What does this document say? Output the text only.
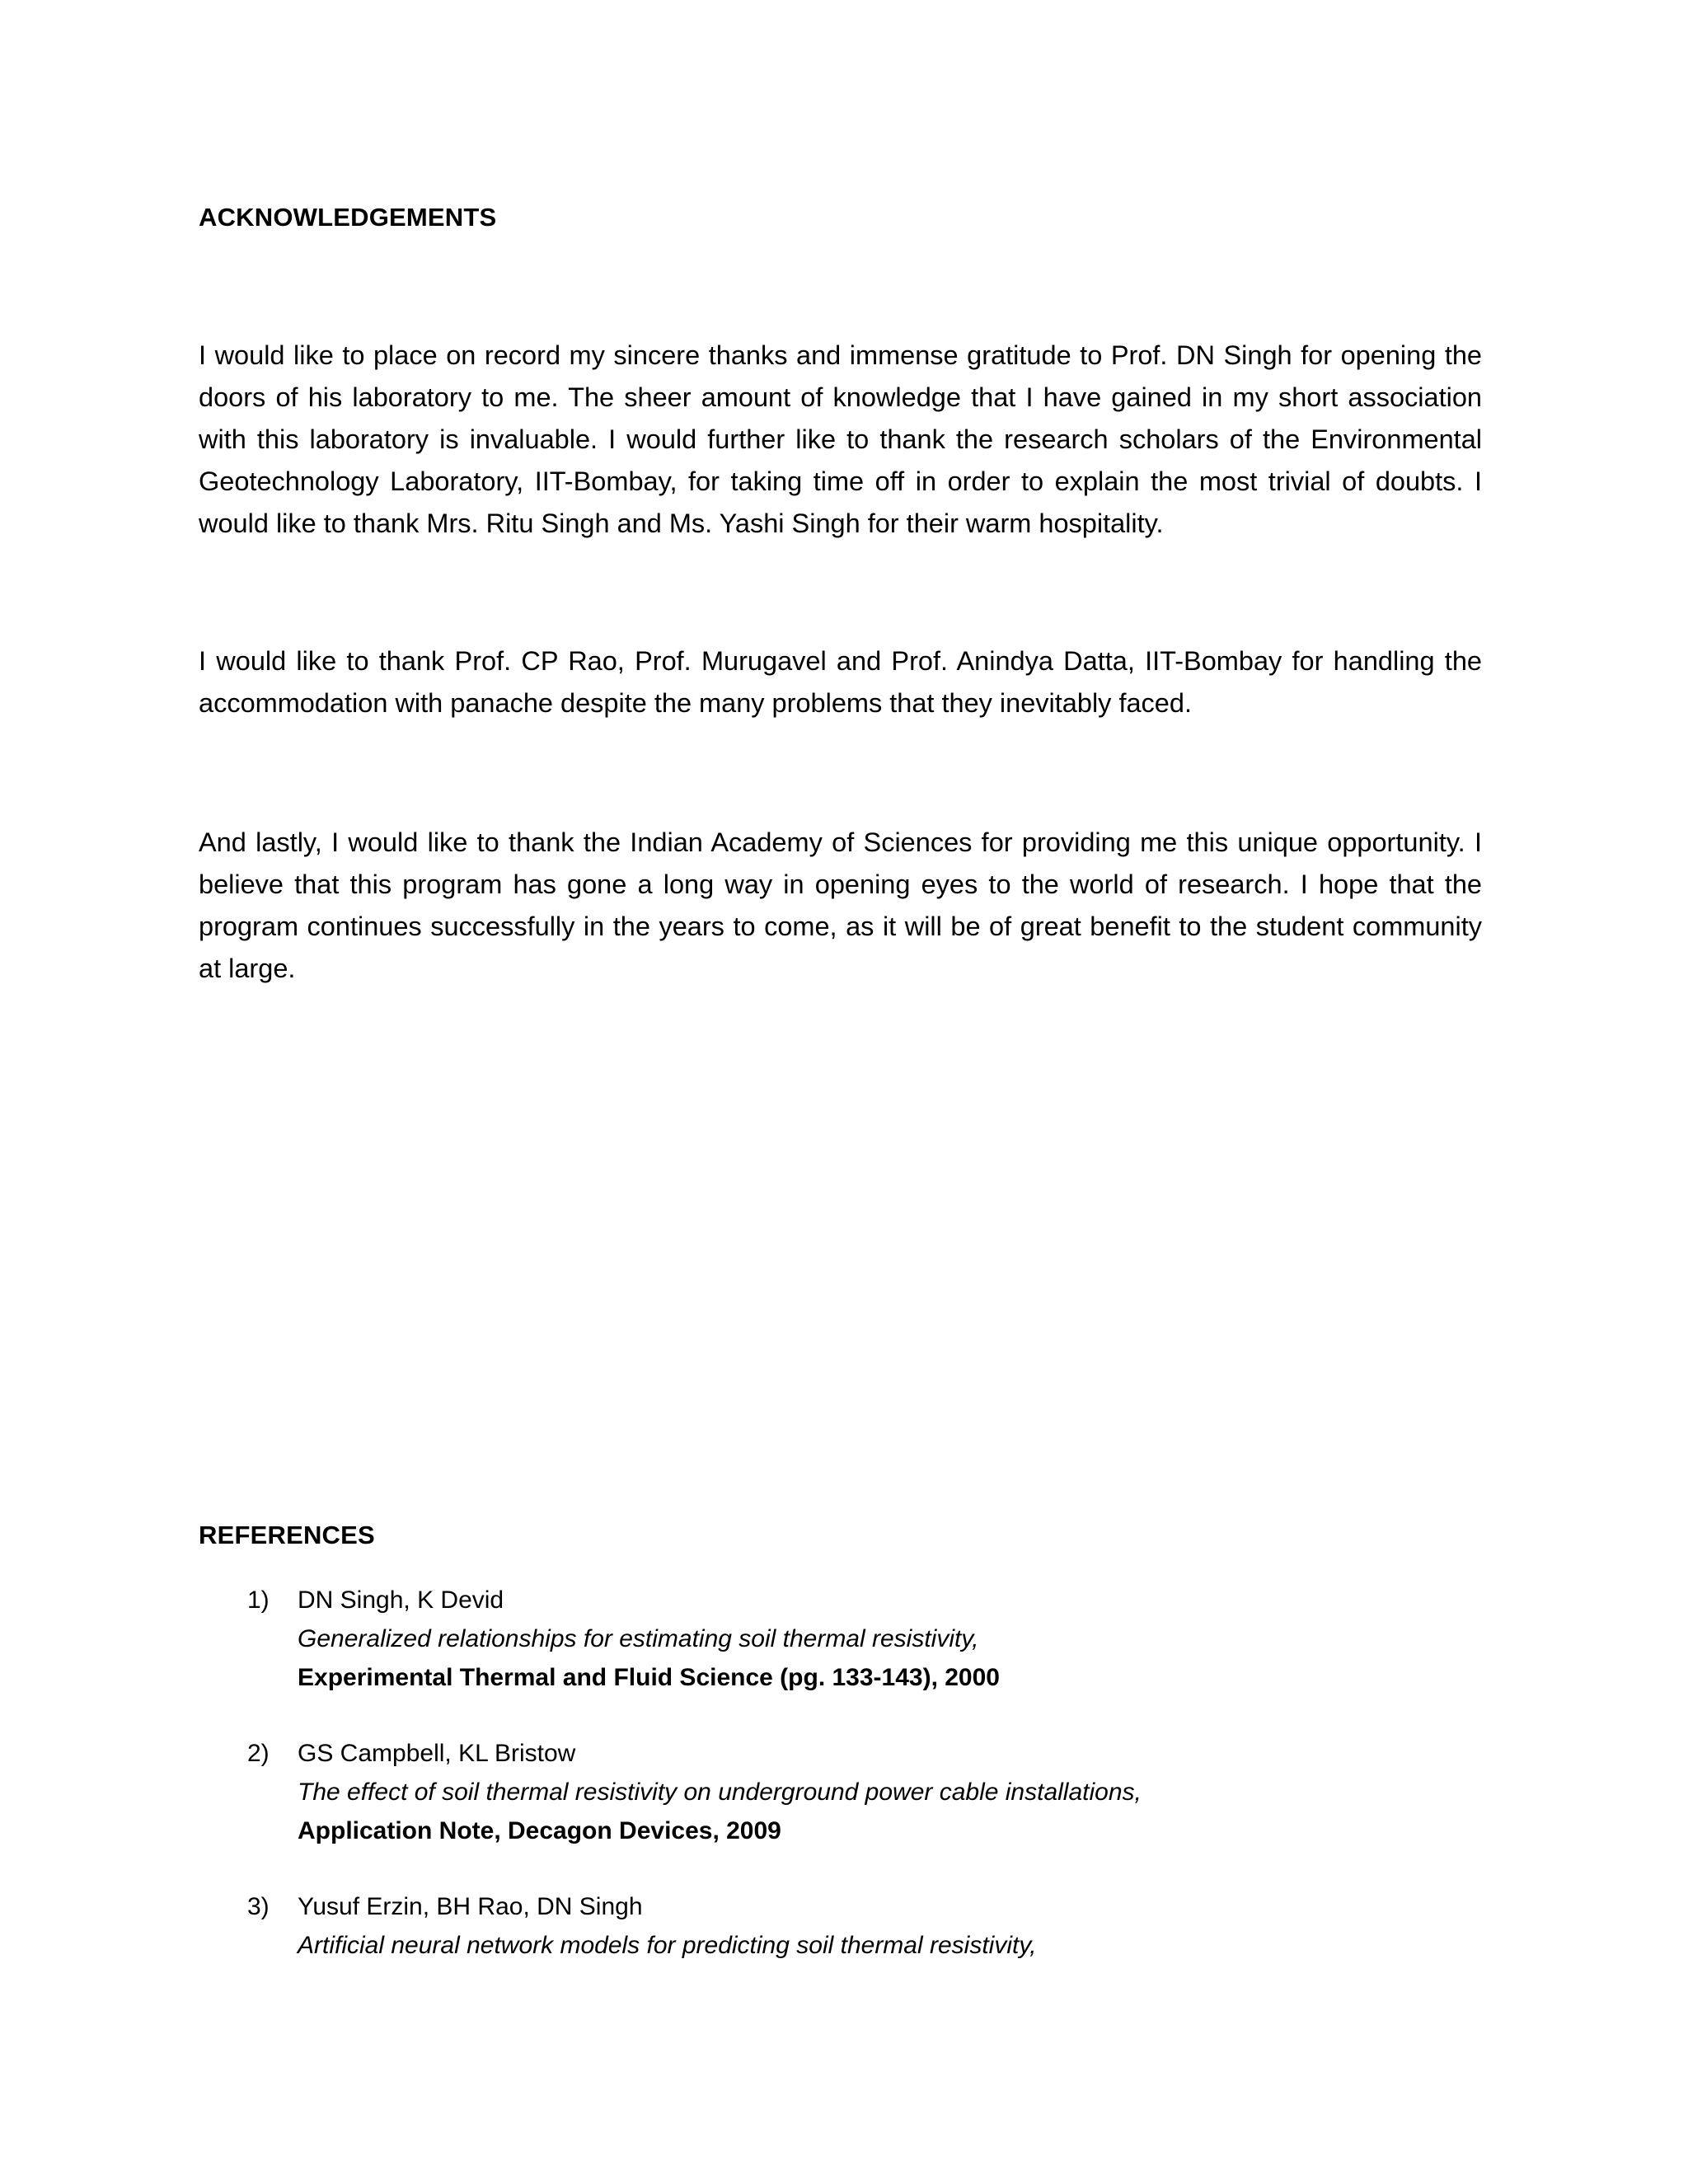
ACKNOWLEDGEMENTS

I would like to place on record my sincere thanks and immense gratitude to Prof. DN Singh for opening the doors of his laboratory to me. The sheer amount of knowledge that I have gained in my short association with this laboratory is invaluable. I would further like to thank the research scholars of the Environmental Geotechnology Laboratory, IIT-Bombay, for taking time off in order to explain the most trivial of doubts. I would like to thank Mrs. Ritu Singh and Ms. Yashi Singh for their warm hospitality.

I would like to thank Prof. CP Rao, Prof. Murugavel and Prof. Anindya Datta, IIT-Bombay for handling the accommodation with panache despite the many problems that they inevitably faced.

And lastly, I would like to thank the Indian Academy of Sciences for providing me this unique opportunity. I believe that this program has gone a long way in opening eyes to the world of research. I hope that the program continues successfully in the years to come, as it will be of great benefit to the student community at large.

REFERENCES
1) DN Singh, K Devid
Generalized relationships for estimating soil thermal resistivity,
Experimental Thermal and Fluid Science (pg. 133-143), 2000
2) GS Campbell, KL Bristow
The effect of soil thermal resistivity on underground power cable installations,
Application Note, Decagon Devices, 2009
3) Yusuf Erzin, BH Rao, DN Singh
Artificial neural network models for predicting soil thermal resistivity,
